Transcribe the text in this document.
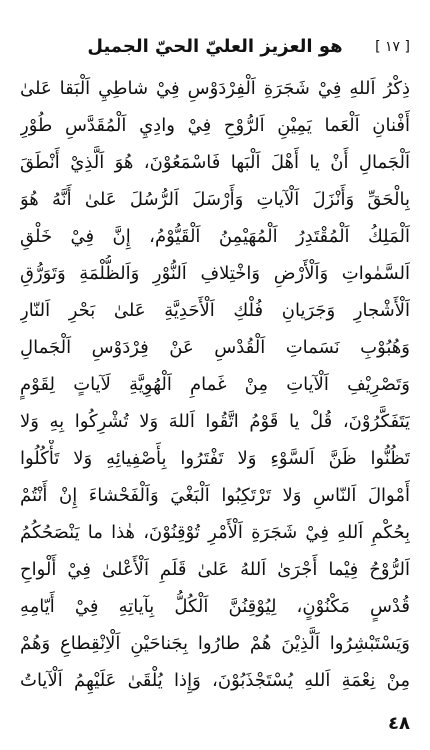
[ ١٧ ]
هو العزيز العليّ الحيّ الجميل
ذِكْرُ اَللهِ فِيْ شَجَرَةِ اَلْفِرْدَوْسِ فِيْ شاطِيِ اَلْبَقا عَلىٰ
أَفْنانِ اَلْعَما يَمِيْنِ اَلرُّوْحِ فِيْ وادِيِ اَلْمُقَدَّسِ طُوْرِ
اَلْجَمالِ أَنْ يا أَهْلَ اَلْبَها فَاسْمَعُوْنَ، هُوَ اَلَّذِيْ أَنْطَقَ
بِالْحَقِّ وَأَنْزَلَ اَلْآياتِ وَأَرْسَلَ اَلرُّسُلَ عَلىٰ أَنَّهُ هُوَ
اَلْمَلِكُ اَلْمُقْتَدِرُ اَلْمُهَيْمِنُ اَلْقَيُّوْمُ، إِنَّ فِيْ خَلْقِ
اَلسَّمٰواتِ وَاَلْأَرْضِ وَاخْتِلافِ اَلنُّوْرِ وَاَلظُّلْمَةِ وَتَوَرُّقِ
اَلْأَشْجارِ وَجَرَيانِ فُلْكِ اَلْأَحَدِيَّةِ عَلىٰ بَحْرِ اَلنّارِ
وَهُبُوْبِ نَسَماتِ اَلْقُدْسِ عَنْ فِرْدَوْسِ اَلْجَمالِ
وَتَصْرِيْفِ اَلْآياتِ مِنْ غَمامِ اَلْهُوِيَّةِ لَآياتٍ لِقَوْمٍ
يَتَفَكَّرُوْنَ، قُلْ يا قَوْمُ اتَّقُوا اَللهَ وَلا تُشْرِكُوا بِهِ وَلا
تَظُنُّوا ظَنَّ اَلسَّوْءِ وَلا تَفْتَرُوا بِأَصْفِيائِهِ وَلا تَأْكُلُوا
أَمْوالَ اَلنّاسِ وَلا تَرْتَكِبُوا اَلْبَغْيَ وَاَلْفَحْشاءَ إِنْ أَنْتُمْ
بِحُكْمِ اَللهِ فِيْ شَجَرَةِ اَلْأَمْرِ تُوْقِنُوْنَ، هٰذا ما يَنْصَحُكُمُ
اَلرُّوْحُ فِيْما أَجْرَىٰ اَللهُ عَلىٰ قَلَمِ اَلْأَعْلىٰ فِيْ أَلْواحِ
قُدْسٍ مَكْنُوْنٍ، لِيُوْقِنُنَّ اَلْكُلُّ بِآياتِهِ فِيْ أَيّامِهِ
وَيَسْتَبْشِرُوا اَلَّذِيْنَ هُمْ طارُوا بِجَناحَيْنِ اَلْاِنْقِطاعِ وَهُمْ
مِنْ نِعْمَةِ اَللهِ يُسْتَجْذَبُوْنَ، وَإِذا يُلْقَىٰ عَلَيْهِمُ اَلْآياتُ
٤٨
